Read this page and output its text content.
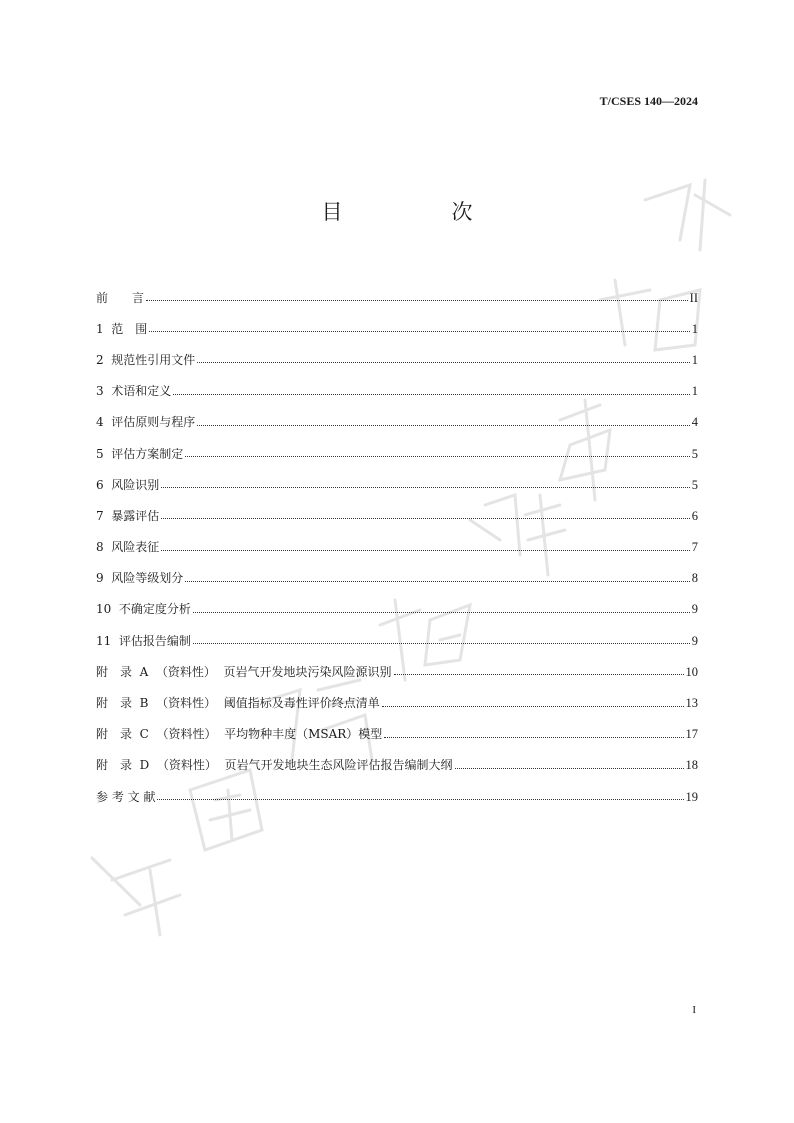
T/CSES 140—2024
目　次
前　　言	II
1  范　围	1
2  规范性引用文件	1
3  术语和定义	1
4  评估原则与程序	4
5  评估方案制定	5
6  风险识别	5
7  暴露评估	6
8  风险表征	7
9  风险等级划分	8
10  不确定度分析	9
11  评估报告编制	9
附　录  A  （资料性）  页岩气开发地块污染风险源识别	10
附　录  B  （资料性）  阈值指标及毒性评价终点清单	13
附　录  C  （资料性）  平均物种丰度（MSAR）模型	17
附　录  D  （资料性）  页岩气开发地块生态风险评估报告编制大纲	18
参 考 文 献	19
I
